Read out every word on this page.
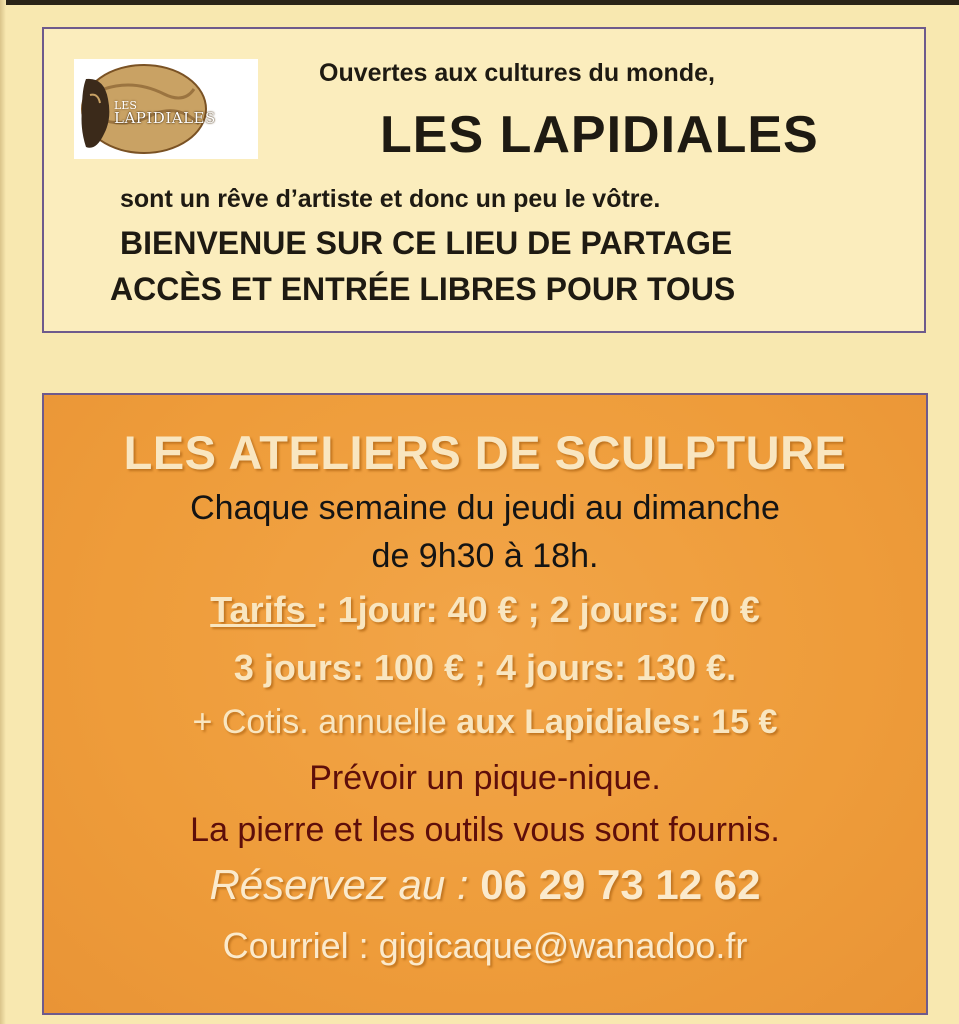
LES
LAPIDIALES
Ouvertes aux cultures du monde,
LES LAPIDIALES
sont un rêve d’artiste et donc un peu le vôtre.
BIENVENUE SUR CE LIEU DE PARTAGE
ACCÈS ET ENTRÉE LIBRES POUR TOUS
LES ATELIERS DE SCULPTURE
Chaque semaine du jeudi au dimanche
de 9h30 à 18h.
Tarifs : 1jour: 40 € ; 2 jours: 70 €
3 jours: 100 € ; 4 jours: 130 €.
+ Cotis. annuelle aux Lapidiales: 15 €
Prévoir un pique-nique.
La pierre et les outils vous sont fournis.
Réservez au : 06 29 73 12 62
Courriel : gigicaque@wanadoo.fr
